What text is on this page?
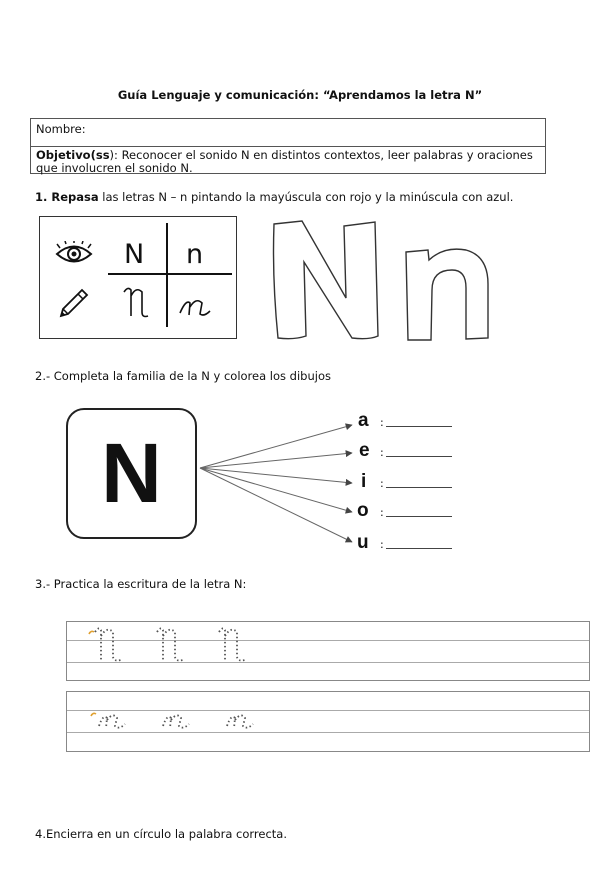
Guía Lenguaje y comunicación: “Aprendamos la letra N”
Nombre:
Objetivo(ss): Reconocer el sonido N en distintos contextos, leer palabras y oraciones
que involucren el sonido N.
1. Repasa las letras N – n pintando la mayúscula con rojo y la minúscula con azul.
N n
2.- Completa la familia de la N y colorea los dibujos
N
a :
e :
i :
o :
u :
3.- Practica la escritura de la letra N:
4.Encierra en un círculo la palabra correcta.
